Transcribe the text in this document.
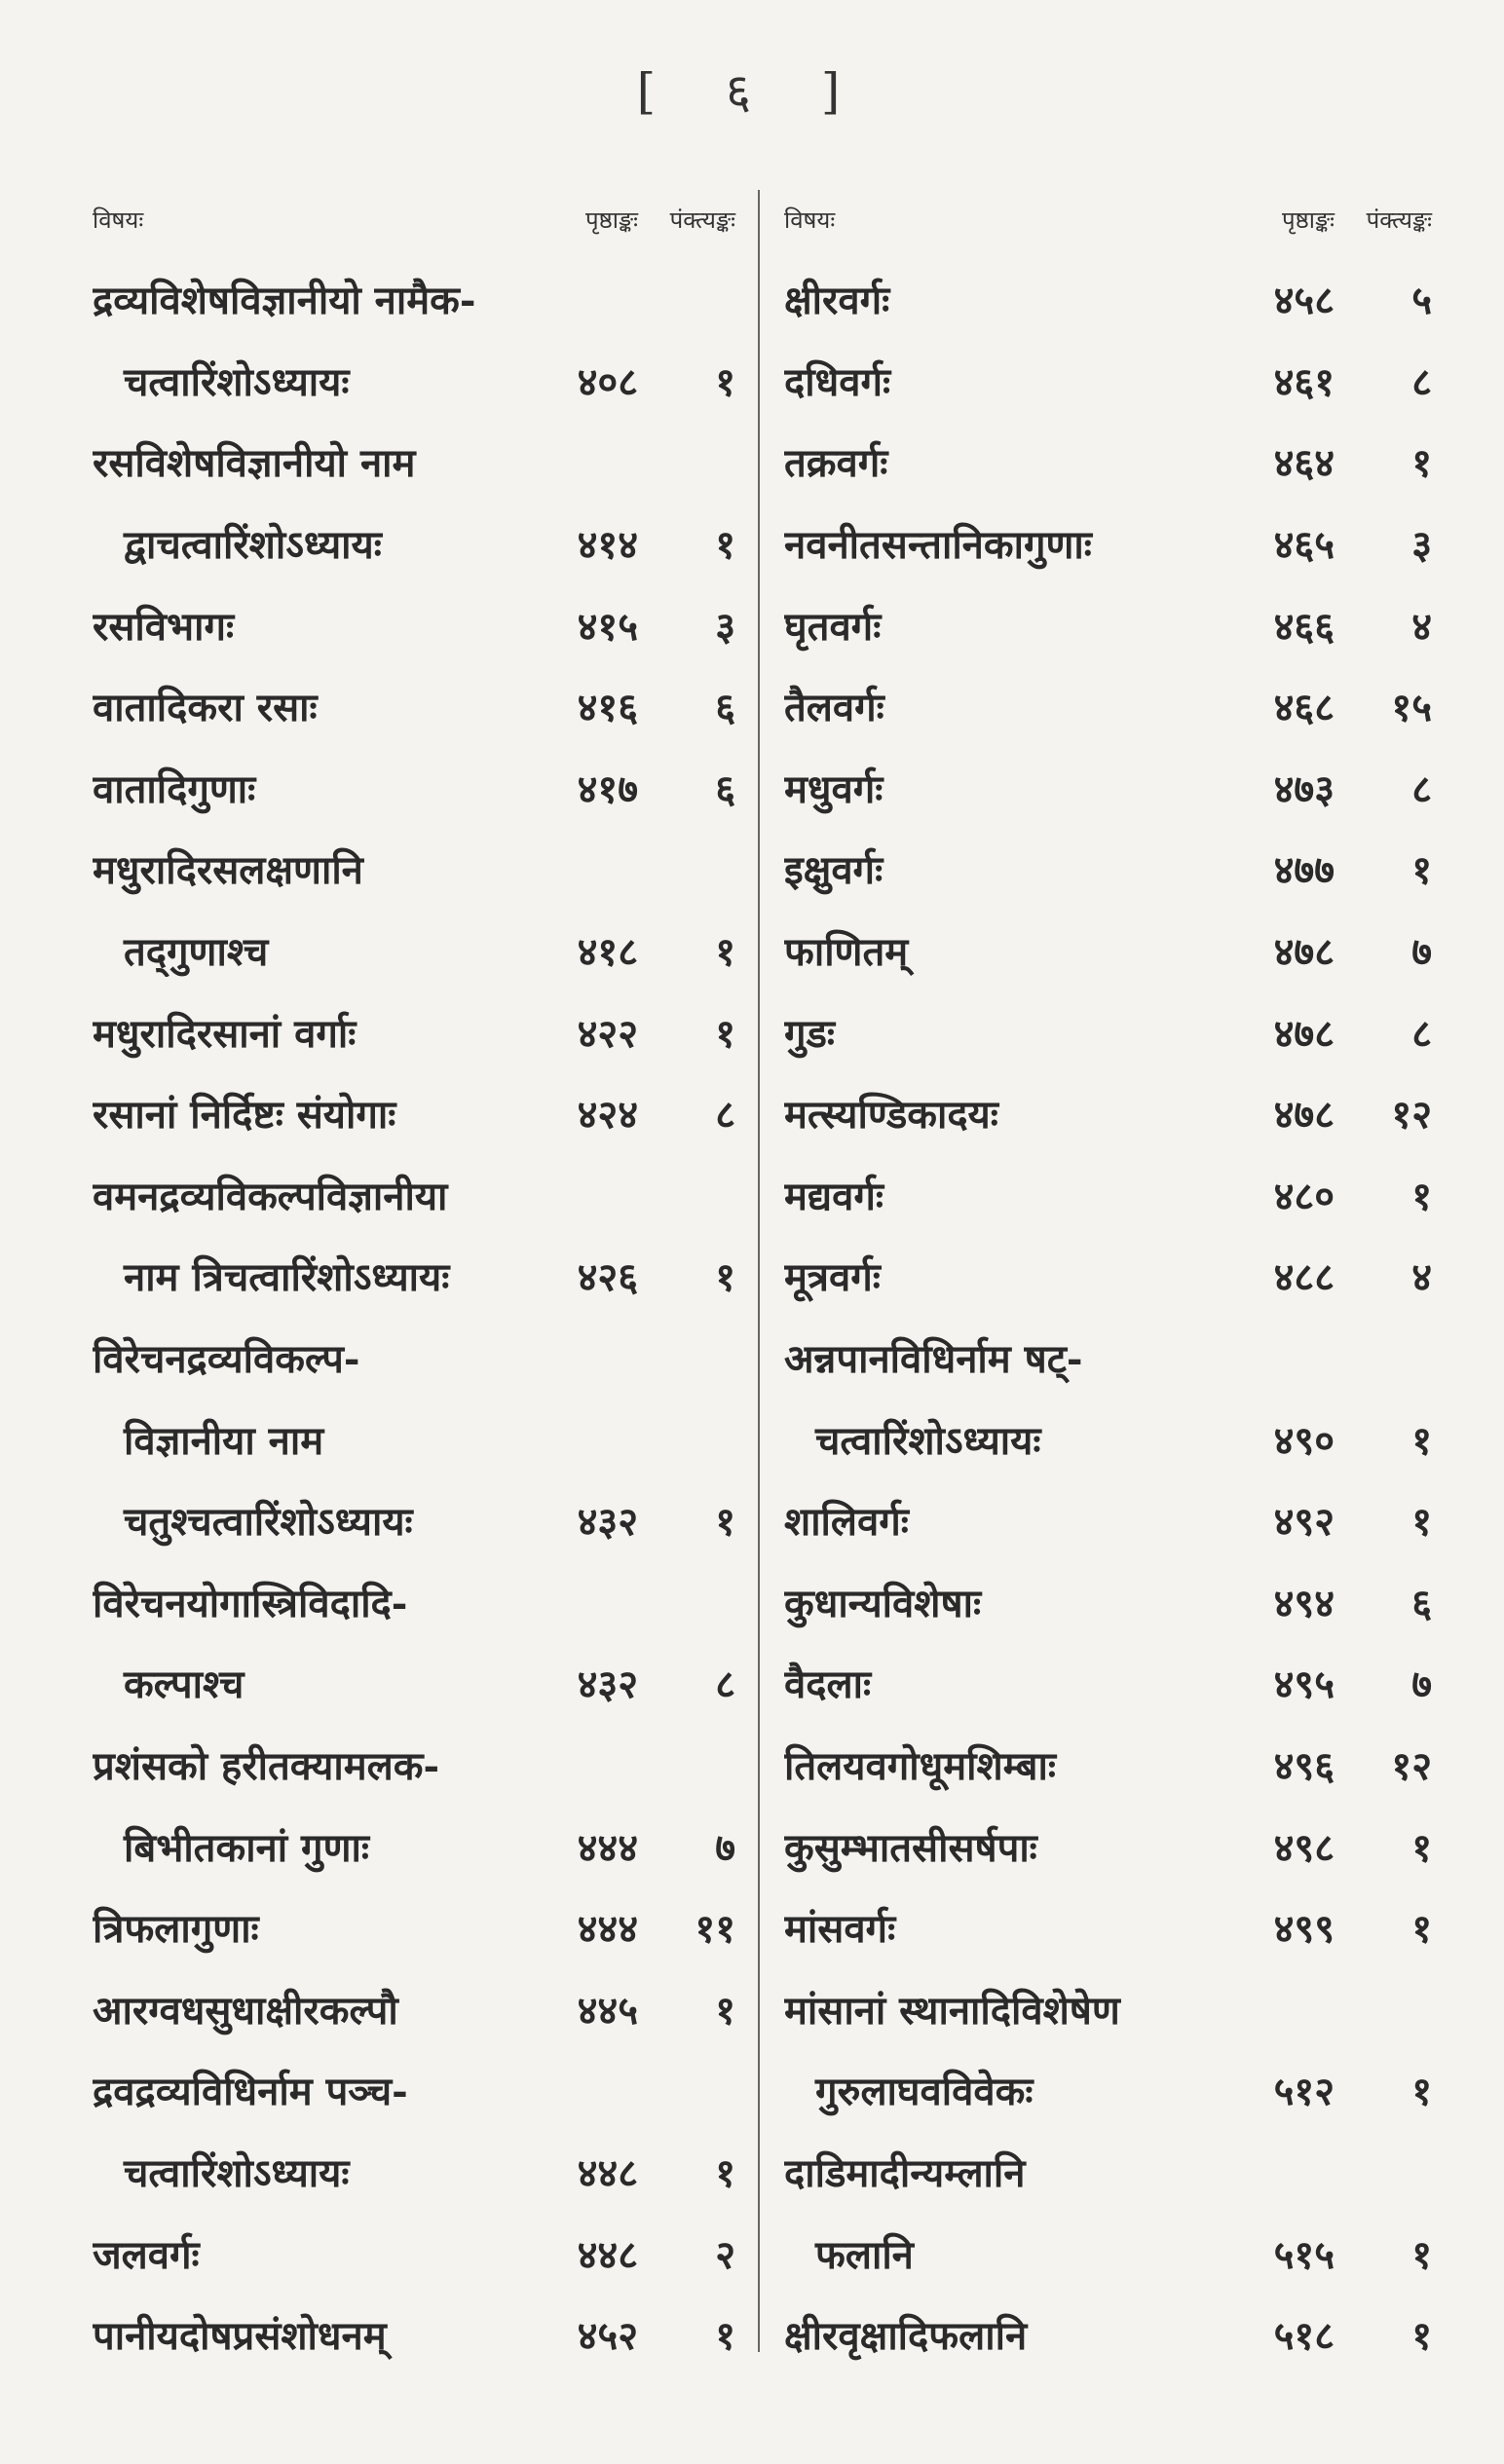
[ ६ ]
विषयः	पृष्ठाङ्कः	पंक्त्यङ्कः
द्रव्यविशेषविज्ञानीयो नामैक-
चत्वारिंशोऽध्यायः	४०८	१
रसविशेषविज्ञानीयो नाम
द्वाचत्वारिंशोऽध्यायः	४१४	१
रसविभागः	४१५	३
वातादिकरा रसाः	४१६	६
वातादिगुणाः	४१७	६
मधुरादिरसलक्षणानि
तद्‌गुणाश्च	४१८	१
मधुरादिरसानां वर्गाः	४२२	१
रसानां निर्दिष्टः संयोगाः	४२४	८
वमनद्रव्यविकल्पविज्ञानीया
नाम त्रिचत्वारिंशोऽध्यायः	४२६	१
विरेचनद्रव्यविकल्प-
विज्ञानीया नाम
चतुश्चत्वारिंशोऽध्यायः	४३२	१
विरेचनयोगास्त्रिविदादि-
कल्पाश्च	४३२	८
प्रशंसको हरीतक्यामलक-
बिभीतकानां गुणाः	४४४	७
त्रिफलागुणाः	४४४	११
आरग्वधसुधाक्षीरकल्पौ	४४५	१
द्रवद्रव्यविधिर्नाम पञ्च-
चत्वारिंशोऽध्यायः	४४८	१
जलवर्गः	४४८	२
पानीयदोषप्रसंशोधनम्	४५२	१
विषयः	पृष्ठाङ्कः	पंक्त्यङ्कः
क्षीरवर्गः	४५८	५
दधिवर्गः	४६१	८
तक्रवर्गः	४६४	१
नवनीतसन्तानिकागुणाः	४६५	३
घृतवर्गः	४६६	४
तैलवर्गः	४६८	१५
मधुवर्गः	४७३	८
इक्षुवर्गः	४७७	१
फाणितम्	४७८	७
गुडः	४७८	८
मत्स्यण्डिकादयः	४७८	१२
मद्यवर्गः	४८०	१
मूत्रवर्गः	४८८	४
अन्नपानविधिर्नाम षट्-
चत्वारिंशोऽध्यायः	४९०	१
शालिवर्गः	४९२	१
कुधान्यविशेषाः	४९४	६
वैदलाः	४९५	७
तिलयवगोधूमशिम्बाः	४९६	१२
कुसुम्भातसीसर्षपाः	४९८	१
मांसवर्गः	४९९	१
मांसानां स्थानादिविशेषेण
गुरुलाघवविवेकः	५१२	१
दाडिमादीन्यम्लानि
फलानि	५१५	१
क्षीरवृक्षादिफलानि	५१८	१
